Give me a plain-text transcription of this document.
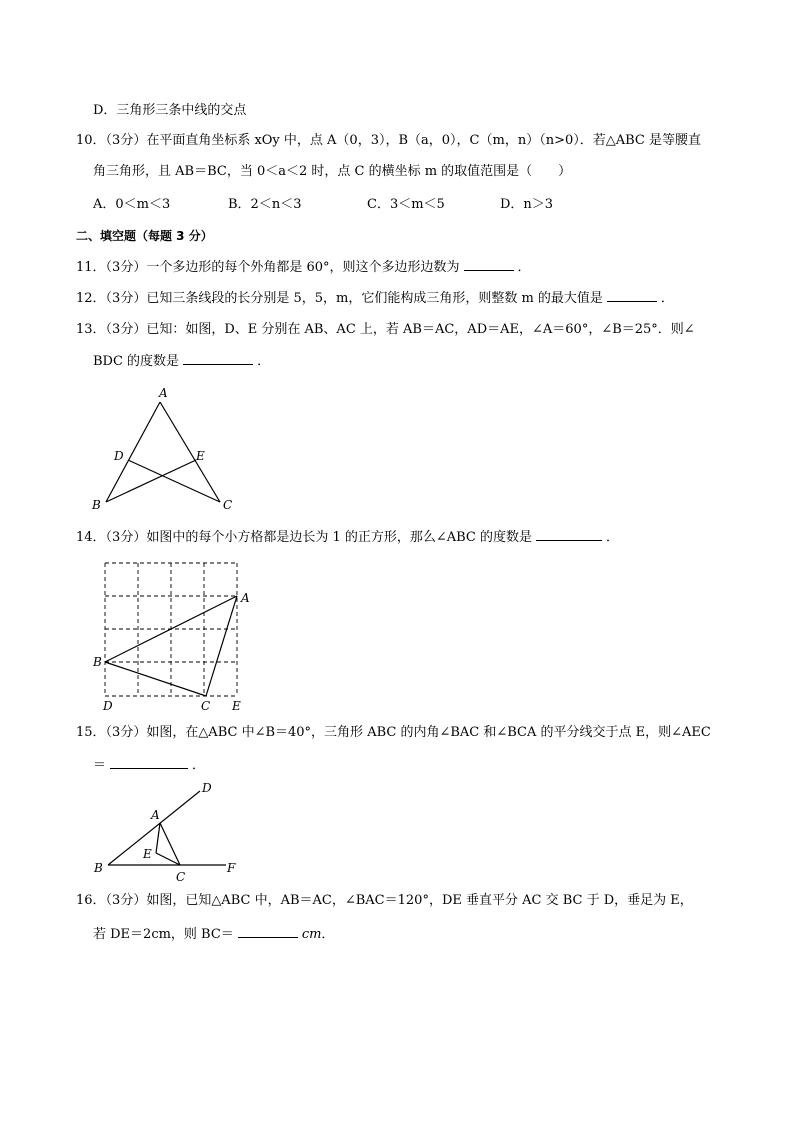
D．三角形三条中线的交点
10．（3分）在平面直角坐标系 xOy 中，点 A（0，3），B（a，0），C（m，n）（n>0）．若△ABC 是等腰直
角三角形，且 AB＝BC，当 0＜a＜2 时，点 C 的横坐标 m 的取值范围是（　　）
A．0＜m＜3	B．2＜n＜3	C．3＜m＜5	D．n＞3
二、填空题（每题 3 分）
11．（3分）一个多边形的每个外角都是 60°，则这个多边形边数为	．
12．（3分）已知三条线段的长分别是 5，5，m，它们能构成三角形，则整数 m 的最大值是	．
13．（3分）已知：如图，D、E 分别在 AB、AC 上，若 AB＝AC，AD＝AE，∠A＝60°，∠B＝25°．则∠
BDC 的度数是	．
A
B	C
D	E
14．（3分）如图中的每个小方格都是边长为 1 的正方形，那么∠ABC 的度数是	．
A
B
C
D	E
15．（3分）如图，在△ABC 中∠B＝40°，三角形 ABC 的内角∠BAC 和∠BCA 的平分线交于点 E，则∠AEC
＝	．
D
A
E
B
C
F
16．（3分）如图，已知△ABC 中，AB＝AC，∠BAC＝120°，DE 垂直平分 AC 交 BC 于 D，垂足为 E，
若 DE＝2cm，则 BC＝	cm．
